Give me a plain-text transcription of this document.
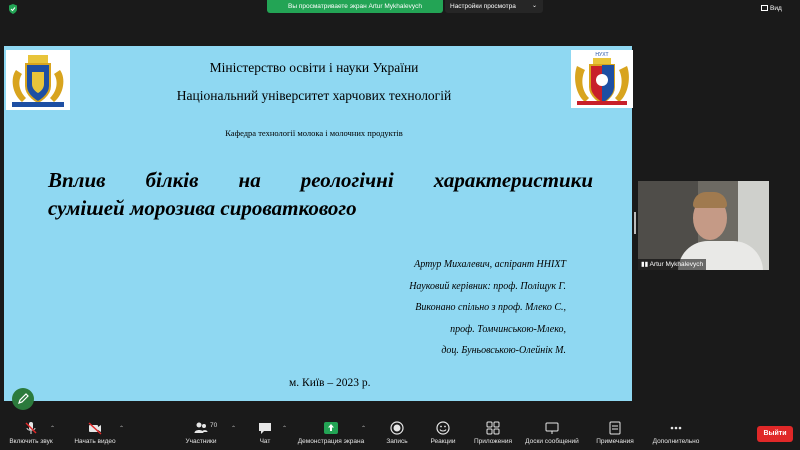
Вы просматриваете экран Artur Mykhalevych	Настройки просмотра	⌄	Вид
НУХТ
Міністерство освіти і науки України
Національний університет харчових технологій
Кафедра технології молока і молочних продуктів
Вплив білків на реологічні характеристики
сумішей морозива сироваткового
Артур Михалевич, аспірант ННІХТ
Науковий керівник: проф. Поліщук Г.
Виконано спільно з проф. Млеко С.,
проф. Томчинською-Млеко,
доц. Буньовською-Олейнік М.
м. Київ – 2023 р.
▮▮ Artur Mykhalevych
Включить звук
⌃
Начать видео
⌃
Участники
70 ⌃
Чат
⌃
Демонстрация экрана
⌃
Запись	Реакции	Приложения	Доски сообщений	Примечания	Дополнительно
Выйти
